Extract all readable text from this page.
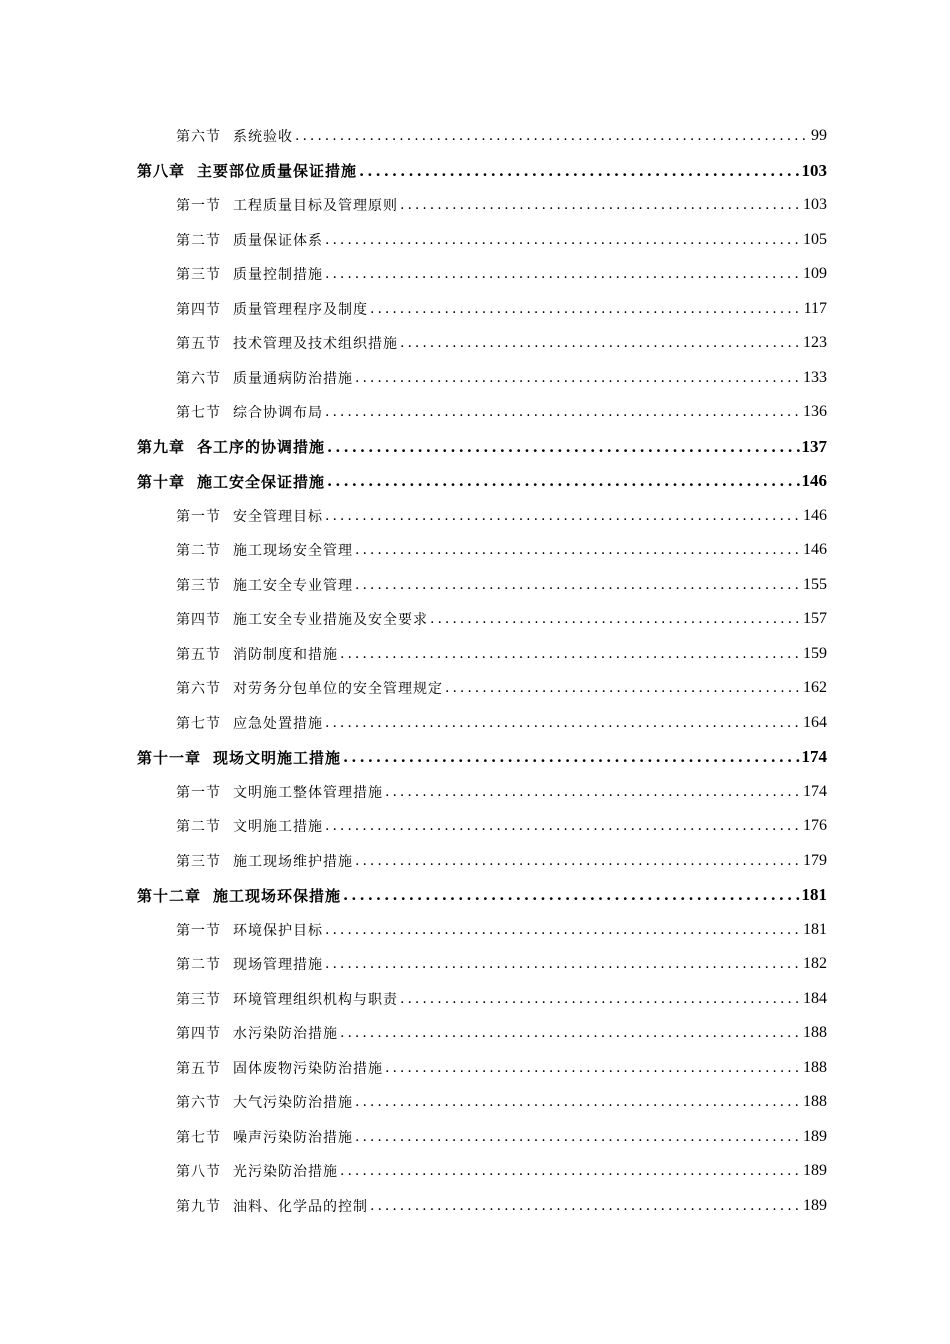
第六节 系统验收 .....	99
第八章 主要部位质量保证措施 .....	103
第一节 工程质量目标及管理原则 .....	103
第二节 质量保证体系 .....	105
第三节 质量控制措施 .....	109
第四节 质量管理程序及制度 .....	117
第五节 技术管理及技术组织措施 .....	123
第六节 质量通病防治措施 .....	133
第七节 综合协调布局 .....	136
第九章 各工序的协调措施 .....	137
第十章 施工安全保证措施 .....	146
第一节 安全管理目标 .....	146
第二节 施工现场安全管理 .....	146
第三节 施工安全专业管理 .....	155
第四节 施工安全专业措施及安全要求 .....	157
第五节 消防制度和措施 .....	159
第六节 对劳务分包单位的安全管理规定 .....	162
第七节 应急处置措施 .....	164
第十一章 现场文明施工措施 .....	174
第一节 文明施工整体管理措施 .....	174
第二节 文明施工措施 .....	176
第三节 施工现场维护措施 .....	179
第十二章 施工现场环保措施 .....	181
第一节 环境保护目标 .....	181
第二节 现场管理措施 .....	182
第三节 环境管理组织机构与职责 .....	184
第四节 水污染防治措施 .....	188
第五节 固体废物污染防治措施 .....	188
第六节 大气污染防治措施 .....	188
第七节 噪声污染防治措施 .....	189
第八节 光污染防治措施 .....	189
第九节 油料、化学品的控制 .....	189
